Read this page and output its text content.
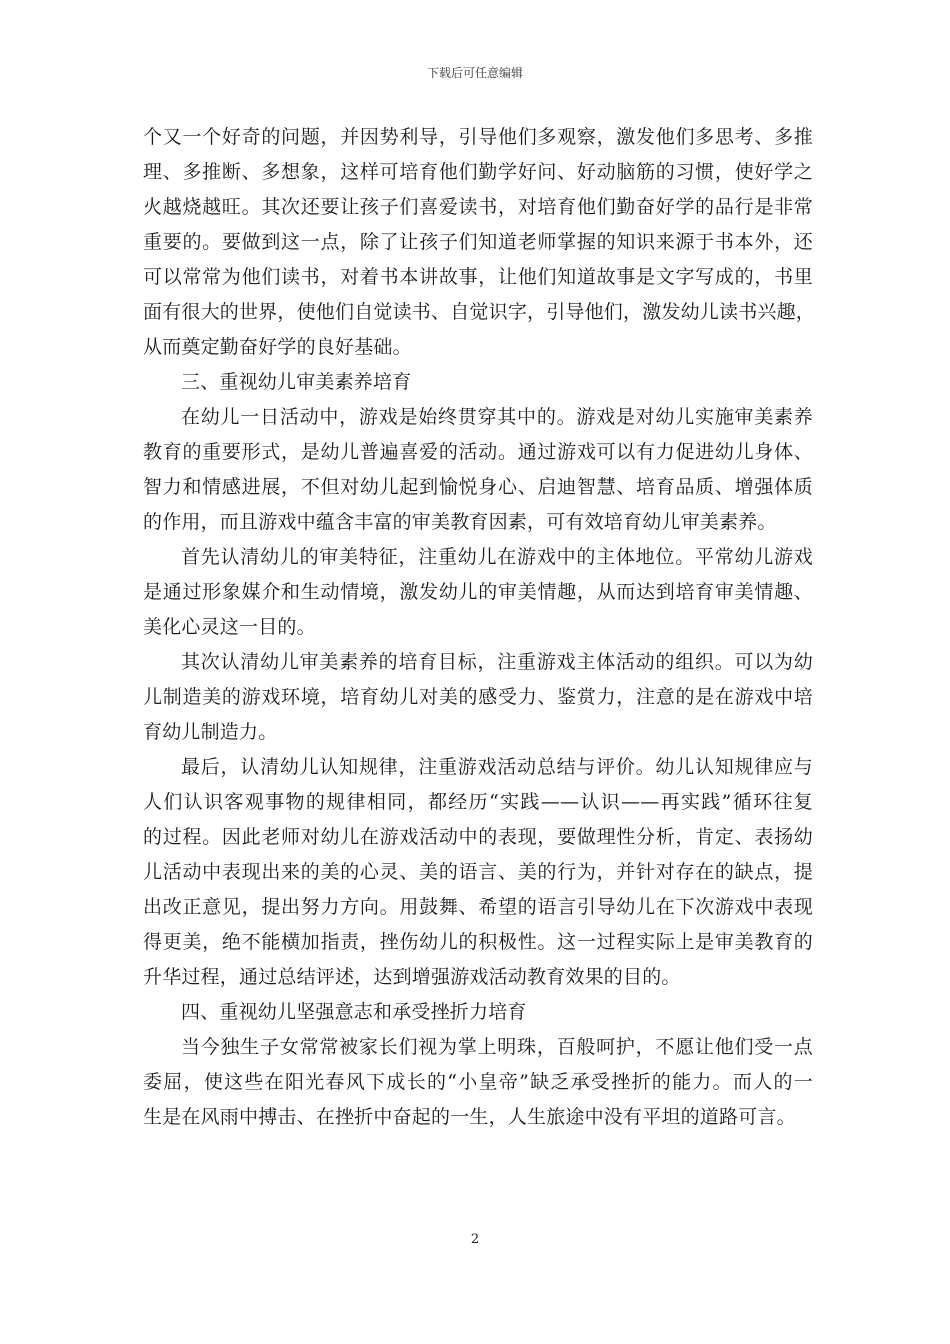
下载后可任意编辑
个又一个好奇的问题，并因势利导，引导他们多观察，激发他们多思考、多推
理、多推断、多想象，这样可培育他们勤学好问、好动脑筋的习惯，使好学之
火越烧越旺。其次还要让孩子们喜爱读书，对培育他们勤奋好学的品行是非常
重要的。要做到这一点，除了让孩子们知道老师掌握的知识来源于书本外，还
可以常常为他们读书，对着书本讲故事，让他们知道故事是文字写成的，书里
面有很大的世界，使他们自觉读书、自觉识字，引导他们，激发幼儿读书兴趣，
从而奠定勤奋好学的良好基础。
三、重视幼儿审美素养培育
在幼儿一日活动中，游戏是始终贯穿其中的。游戏是对幼儿实施审美素养
教育的重要形式，是幼儿普遍喜爱的活动。通过游戏可以有力促进幼儿身体、
智力和情感进展，不但对幼儿起到愉悦身心、启迪智慧、培育品质、增强体质
的作用，而且游戏中蕴含丰富的审美教育因素，可有效培育幼儿审美素养。
首先认清幼儿的审美特征，注重幼儿在游戏中的主体地位。平常幼儿游戏
是通过形象媒介和生动情境，激发幼儿的审美情趣，从而达到培育审美情趣、
美化心灵这一目的。
其次认清幼儿审美素养的培育目标，注重游戏主体活动的组织。可以为幼
儿制造美的游戏环境，培育幼儿对美的感受力、鉴赏力，注意的是在游戏中培
育幼儿制造力。
最后，认清幼儿认知规律，注重游戏活动总结与评价。幼儿认知规律应与
人们认识客观事物的规律相同，都经历“实践——认识——再实践”循环往复
的过程。因此老师对幼儿在游戏活动中的表现，要做理性分析，肯定、表扬幼
儿活动中表现出来的美的心灵、美的语言、美的行为，并针对存在的缺点，提
出改正意见，提出努力方向。用鼓舞、希望的语言引导幼儿在下次游戏中表现
得更美，绝不能横加指责，挫伤幼儿的积极性。这一过程实际上是审美教育的
升华过程，通过总结评述，达到增强游戏活动教育效果的目的。
四、重视幼儿坚强意志和承受挫折力培育
当今独生子女常常被家长们视为掌上明珠，百般呵护，不愿让他们受一点
委屈，使这些在阳光春风下成长的“小皇帝”缺乏承受挫折的能力。而人的一
生是在风雨中搏击、在挫折中奋起的一生，人生旅途中没有平坦的道路可言。
2
